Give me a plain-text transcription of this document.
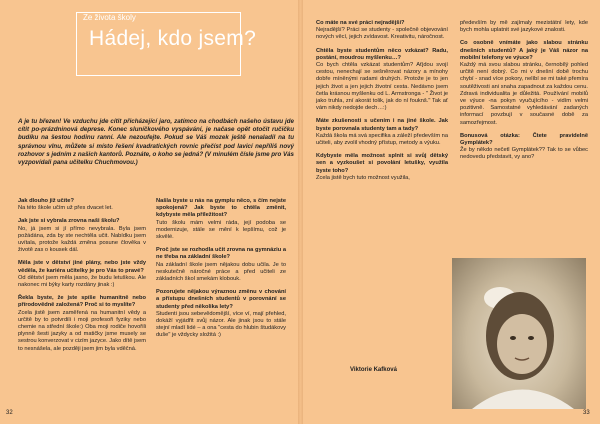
Ze života školy
Hádej, kdo jsem?
A je tu březen! Ve vzduchu jde cítit přicházející jaro, zatímco na chodbách našeho ústavu jde cítit po-prázdninová deprese. Konec sluníčkového vyspávání, je načase opět otočit ručičku budíku na šestou hodinu ranní. Ale nezoufejte. Pokud se Váš mozek ještě nenaladil na tu správnou vlnu, můžete si místo řešení kvadratických rovnic přečíst pod lavicí nepříliš nový rozhovor s jedním z našich kantorů. Poznáte, o koho se jedná? (V minulém čísle jsme pro Vás vyzpovídali pana učitelku Chuchmovou.)

Jak dlouho již učíte?
Na této škole učím už přes dvacet let.

Jak jste si vybrala zrovna naši školu?
No, já jsem si jí přímo nevybrala. Byla jsem požádána, zda by ste nechtěla učit. Nabídku jsem uvítala, protože každá změna posune člověka v životě zas o kousek dál.

Měla jste v dětství jiné plány, nebo jste vždy věděla, že kariéra učitelky je pro Vás to pravé?
Od dětství jsem měla jasno, že budu letuškou. Ale nakonec mi býky karty rozdány jinak :)

Řekla byste, že jste spíše humanitně nebo přírodovědně založená? Proč si to myslíte?
Zcela jistě jsem zaměřená na humanitní vědy a určitě by to potvrdili i moji profesoři fyziky nebo chemie na střední škole:) Oba moji rodiče hovořili plynně šesti jazyky a od matičky jsme musely se sestrou konverzovat v cizím jazyce. Jako dítě jsem to nesnášela, ale později jsem jim byla vděčná.

Našla byste u nás na gymplu něco, s čím nejste spokojená? Jak byste to chtěla změnit, kdybyste měla příležitost?
Tuto školu mám velmi ráda, její podoba se modernizuje, stále se mění k lepšímu, což je skvělé.

Proč jste se rozhodla učit zrovna na gymnáziu a ne třeba na základní škole?
Na základní škole jsem nějakou dobu učila. Je to neskutečně náročné práce a před učiteli ze základních škol smekám klobouk.

Pozorujete nějakou výraznou změnu v chování a přístupu dnešních studentů v porovnání se studenty před několika lety?
Studenti jsou sebevědomější, více ví, mají přehled, dokáží vyjádřit svůj názor. Ale jinak jsou to stále stejní mladí lidé – a ona "cesta do hlubin študákovy duše" je vždycky složitá :)

Co máte na své práci nejradější?
Nejradější? Práci se studenty - společně objevování nových věcí, jejich zvídavost. Kreativitu, náročnost.

Chtěla byste studentům něco vzkázat? Radu, postání, moudrou myšlenku…?
Co bych chtěla vzkázat studentům? Aťjdou svojí cestou, nenechají se sešněrovat názory a mínohy dobře míněnými radami druhých. Protože je to jen jejich život a jen jejich životní cesta. Nedávno jsem četla krásnou myšlenku od L. Armstronga - " Život je jako truhla, zní akorát tolik, jak do ní fouknš." Tak ať vám nikdy nedojde dech…:)

Máte zkušenosti s učením i na jiné škole. Jak byste porovnala studenty tam a tady?
Každá škola má svá specifika a záleží především na učiteli, aby zvolil vhodný přístup, metody a výuku.

Kdybyste měla možnost splnit si svůj dětský sen a vyzkoušet si povolání letušky, využila byste toho?
Zcela jistě bych tuto možnost využila,

především by mě zajímaly mezistátní lety, kde bych mohla uplatnit své jazykové znalosti.

Co osobně vnímáte jako slabou stránku dnešních studentů? A jaký je Váš názor na mobilní telefony ve výuce?
Každý má svou slabou stránku, černobílý pohled určitě není dobrý. Co mi v dnešní době trochu chybí - snad více pokory, nelíbí se mi také přemíra soutěživosti ani snaha zapadnout za každou cenu. Zdravá individualita je důležitá. Používání mobilů ve výuce -na pokyn vyučujícího - vidím velmi pozitivně. Samostatné vyhledávání zadaných informací povzbují v současné době za samozřejmost.

Bonusová otázka: Čtete pravidelně Gymplátek?
Že by někdo nečetl Gymplátek?? Tak to se vůbec nedovedu představit, vy ano?

Viktorie Kafková
32	33
